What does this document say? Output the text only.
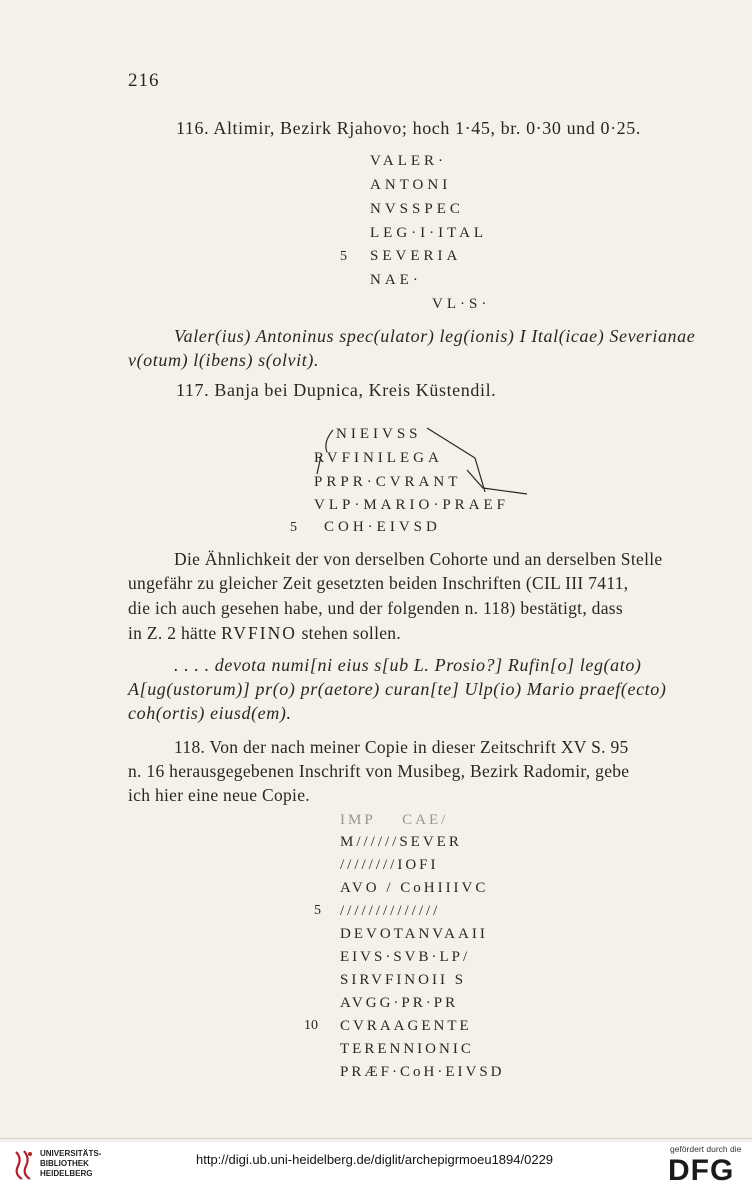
216
116. Altimir, Bezirk Rjahovo; hoch 1·45, br. 0·30 und 0·25.
VALER·
ANTONI
NVSSPEC
LEG·I·ITAL
5 SEVERIA
NAE·
VL·S·
Valer(ius) Antoninus spec(ulator) leg(ionis) I Ital(icae) Severianae
v(otum) l(ibens) s(olvit).
117. Banja bei Dupnica, Kreis Küstendil.
NIEIVSS
RVFINILEGA
PRPR·CVRANT
VLP·MARIO·PRAEF
5 COH·EIVSD
Die Ähnlichkeit der von derselben Cohorte und an derselben Stelle
ungefähr zu gleicher Zeit gesetzten beiden Inschriften (CIL III 7411,
die ich auch gesehen habe, und der folgenden n. 118) bestätigt, dass
in Z. 2 hätte RVFINO stehen sollen.
. . . . devota numi[ni eius s[ub L. Prosio?] Rufin[o] leg(ato)
A[ug(ustorum)] pr(o) pr(aetore) curan[te] Ulp(io) Mario praef(ecto)
coh(ortis) eiusd(em).
118. Von der nach meiner Copie in dieser Zeitschrift XV S. 95
n. 16 herausgegebenen Inschrift von Musibeg, Bezirk Radomir, gebe
ich hier eine neue Copie.
IMP    CAE/
M//////SEVER
////////IOFI
AVO / CoHIIIVC
5 //////////////
DEVOTANVAAII
EIVS·SVB·LP/
SIRVFINOII S
AVGG·PR·PR
10 CVRAAGENTE
TERENNIONIC
PRÆF·CoH·EIVSD
UNIVERSITÄTS-
BIBLIOTHEK
HEIDELBERG
http://digi.ub.uni-heidelberg.de/diglit/archepigrmoeu1894/0229
gefördert durch die
DFG
